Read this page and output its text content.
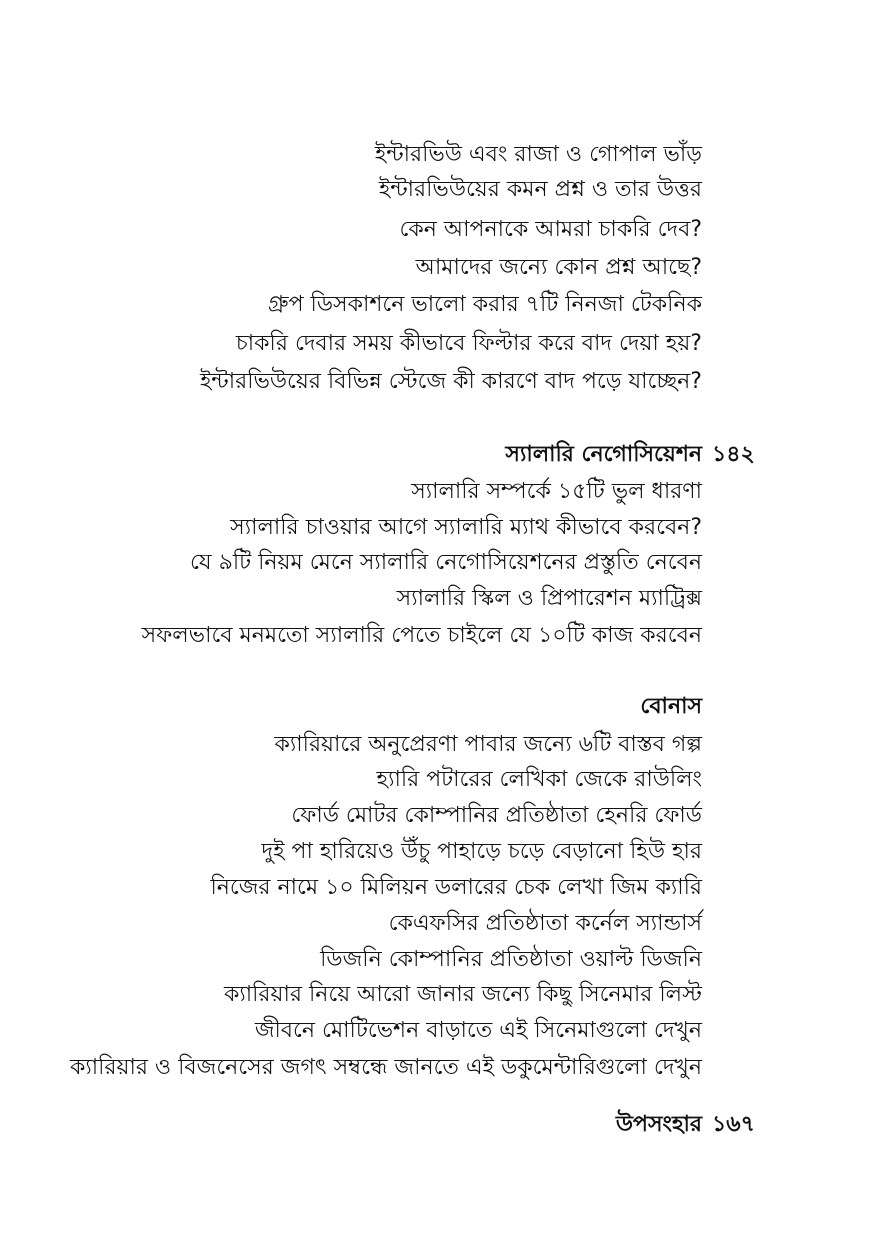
ইন্টারভিউ এবং রাজা ও গোপাল ভাঁড়
ইন্টারভিউয়ের কমন প্রশ্ন ও তার উত্তর
কেন আপনাকে আমরা চাকরি দেব?
আমাদের জন্যে কোন প্রশ্ন আছে?
গ্রুপ ডিসকাশনে ভালো করার ৭টি নিনজা টেকনিক
চাকরি দেবার সময় কীভাবে ফিল্টার করে বাদ দেয়া হয়?
ইন্টারভিউয়ের বিভিন্ন স্টেজে কী কারণে বাদ পড়ে যাচ্ছেন?
স্যালারি নেগোসিয়েশন ১৪২
স্যালারি সম্পর্কে ১৫টি ভুল ধারণা
স্যালারি চাওয়ার আগে স্যালারি ম্যাথ কীভাবে করবেন?
যে ৯টি নিয়ম মেনে স্যালারি নেগোসিয়েশনের প্রস্তুতি নেবেন
স্যালারি স্কিল ও প্রিপারেশন ম্যাট্রিক্স
সফলভাবে মনমতো স্যালারি পেতে চাইলে যে ১০টি কাজ করবেন
বোনাস
ক্যারিয়ারে অনুপ্রেরণা পাবার জন্যে ৬টি বাস্তব গল্প
হ্যারি পটারের লেখিকা জেকে রাউলিং
ফোর্ড মোটর কোম্পানির প্রতিষ্ঠাতা হেনরি ফোর্ড
দুই পা হারিয়েও উঁচু পাহাড়ে চড়ে বেড়ানো হিউ হার
নিজের নামে ১০ মিলিয়ন ডলারের চেক লেখা জিম ক্যারি
কেএফসির প্রতিষ্ঠাতা কর্নেল স্যান্ডার্স
ডিজনি কোম্পানির প্রতিষ্ঠাতা ওয়াল্ট ডিজনি
ক্যারিয়ার নিয়ে আরো জানার জন্যে কিছু সিনেমার লিস্ট
জীবনে মোটিভেশন বাড়াতে এই সিনেমাগুলো দেখুন
ক্যারিয়ার ও বিজনেসের জগৎ সম্বন্ধে জানতে এই ডকুমেন্টারিগুলো দেখুন
উপসংহার ১৬৭
